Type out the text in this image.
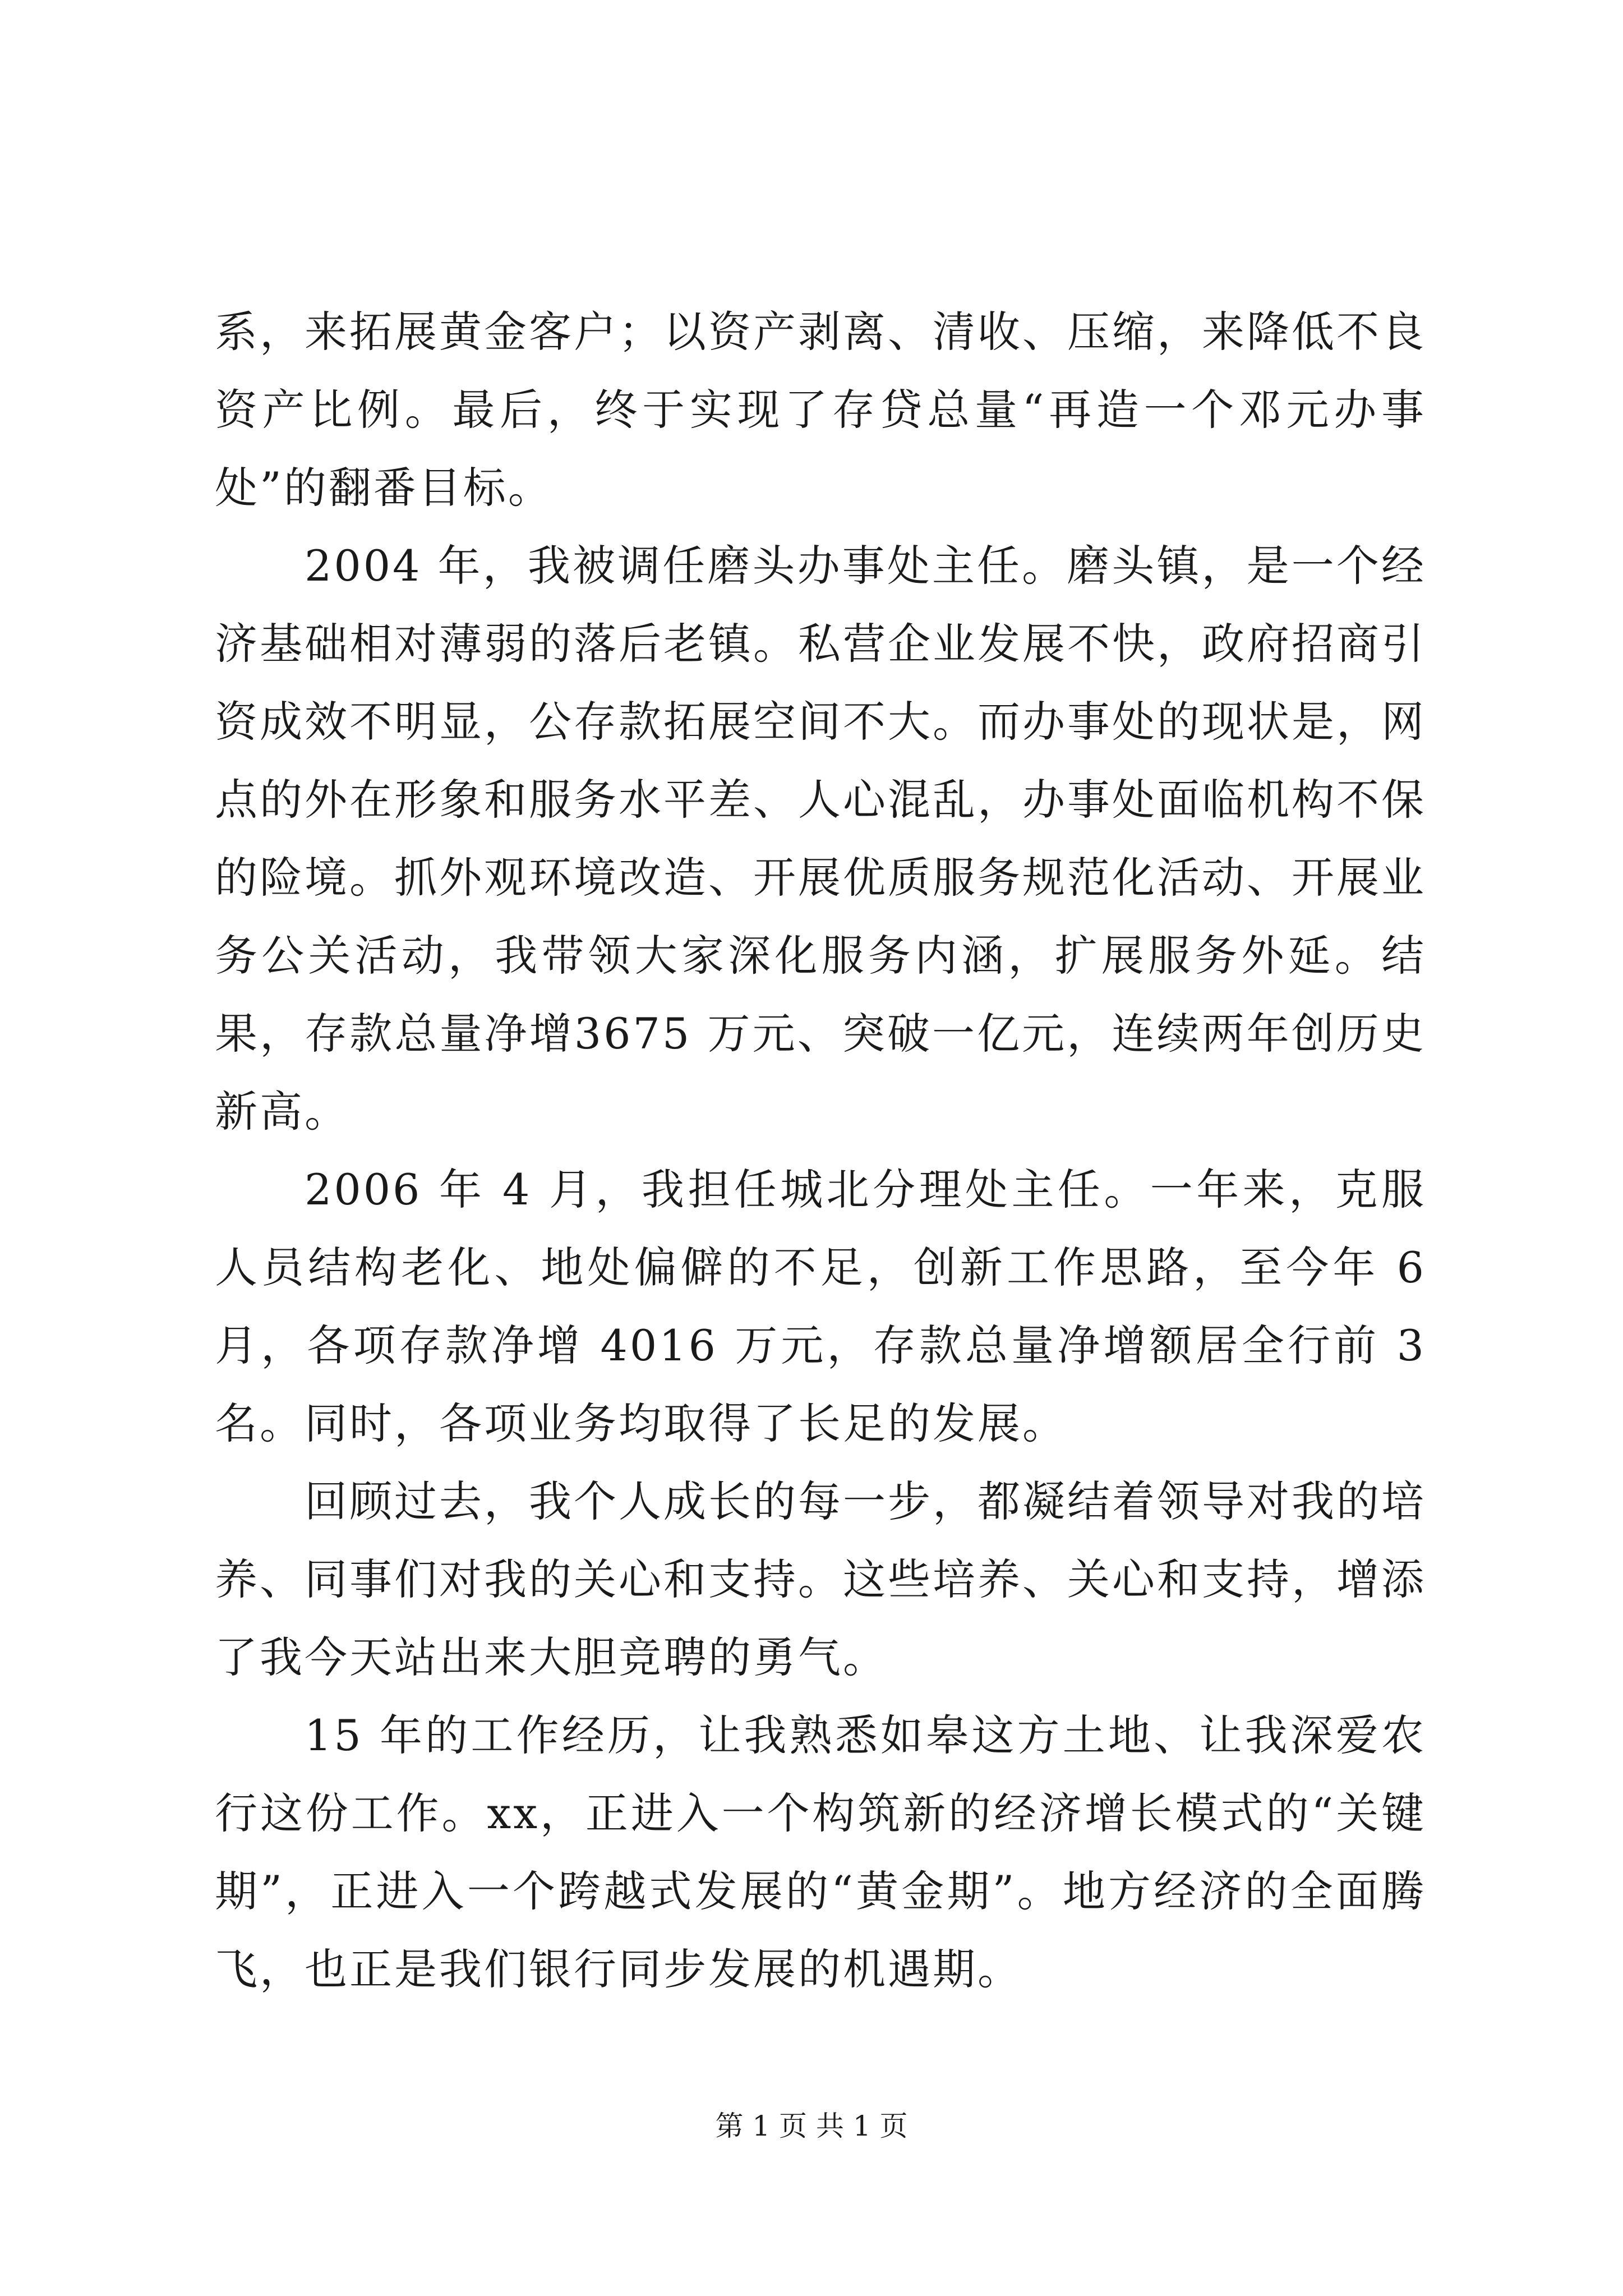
系，来拓展黄金客户；以资产剥离、清收、压缩，来降低不良资产比例。最后，终于实现了存贷总量“再造一个邓元办事处”的翻番目标。

2004 年，我被调任磨头办事处主任。磨头镇，是一个经济基础相对薄弱的落后老镇。私营企业发展不快，政府招商引资成效不明显，公存款拓展空间不大。而办事处的现状是，网点的外在形象和服务水平差、人心混乱，办事处面临机构不保的险境。抓外观环境改造、开展优质服务规范化活动、开展业务公关活动，我带领大家深化服务内涵，扩展服务外延。结果，存款总量净增3675 万元、突破一亿元，连续两年创历史新高。

2006 年 4 月，我担任城北分理处主任。一年来，克服人员结构老化、地处偏僻的不足，创新工作思路，至今年 6 月，各项存款净增 4016 万元，存款总量净增额居全行前 3 名。同时，各项业务均取得了长足的发展。

回顾过去，我个人成长的每一步，都凝结着领导对我的培养、同事们对我的关心和支持。这些培养、关心和支持，增添了我今天站出来大胆竞聘的勇气。

15 年的工作经历，让我熟悉如皋这方土地、让我深爱农行这份工作。xx，正进入一个构筑新的经济增长模式的“关键期”，正进入一个跨越式发展的“黄金期”。地方经济的全面腾飞，也正是我们银行同步发展的机遇期。

第 1 页 共 1 页
